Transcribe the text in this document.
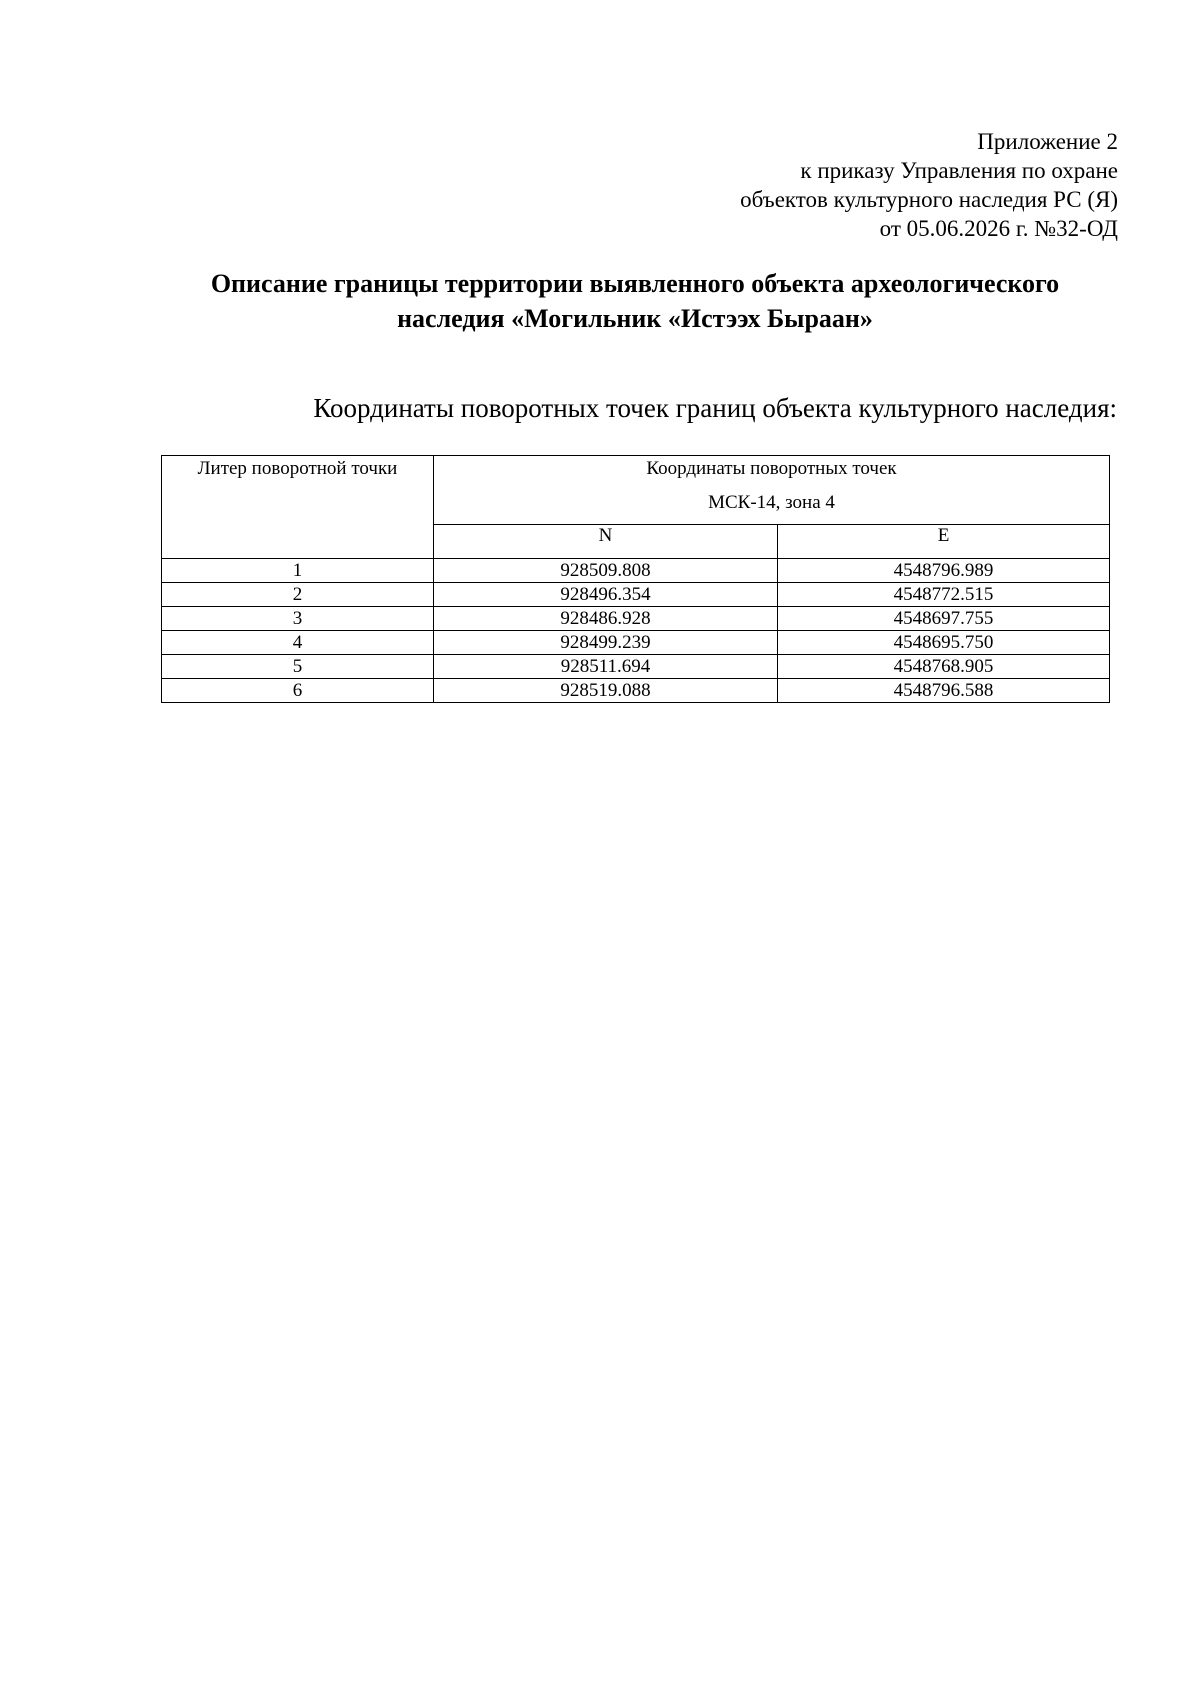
Приложение 2
к приказу Управления по охране
объектов культурного наследия РС (Я)
от 05.06.2026 г. №32-ОД
Описание границы территории выявленного объекта археологического
наследия «Могильник «Истээх Быраан»
Координаты поворотных точек границ объекта культурного наследия:
Литер поворотной точки	Координаты поворотных точек
МСК-14, зона 4	

	N	E
1	928509.808	4548796.989
2	928496.354	4548772.515
3	928486.928	4548697.755
4	928499.239	4548695.750
5	928511.694	4548768.905
6	928519.088	4548796.588
